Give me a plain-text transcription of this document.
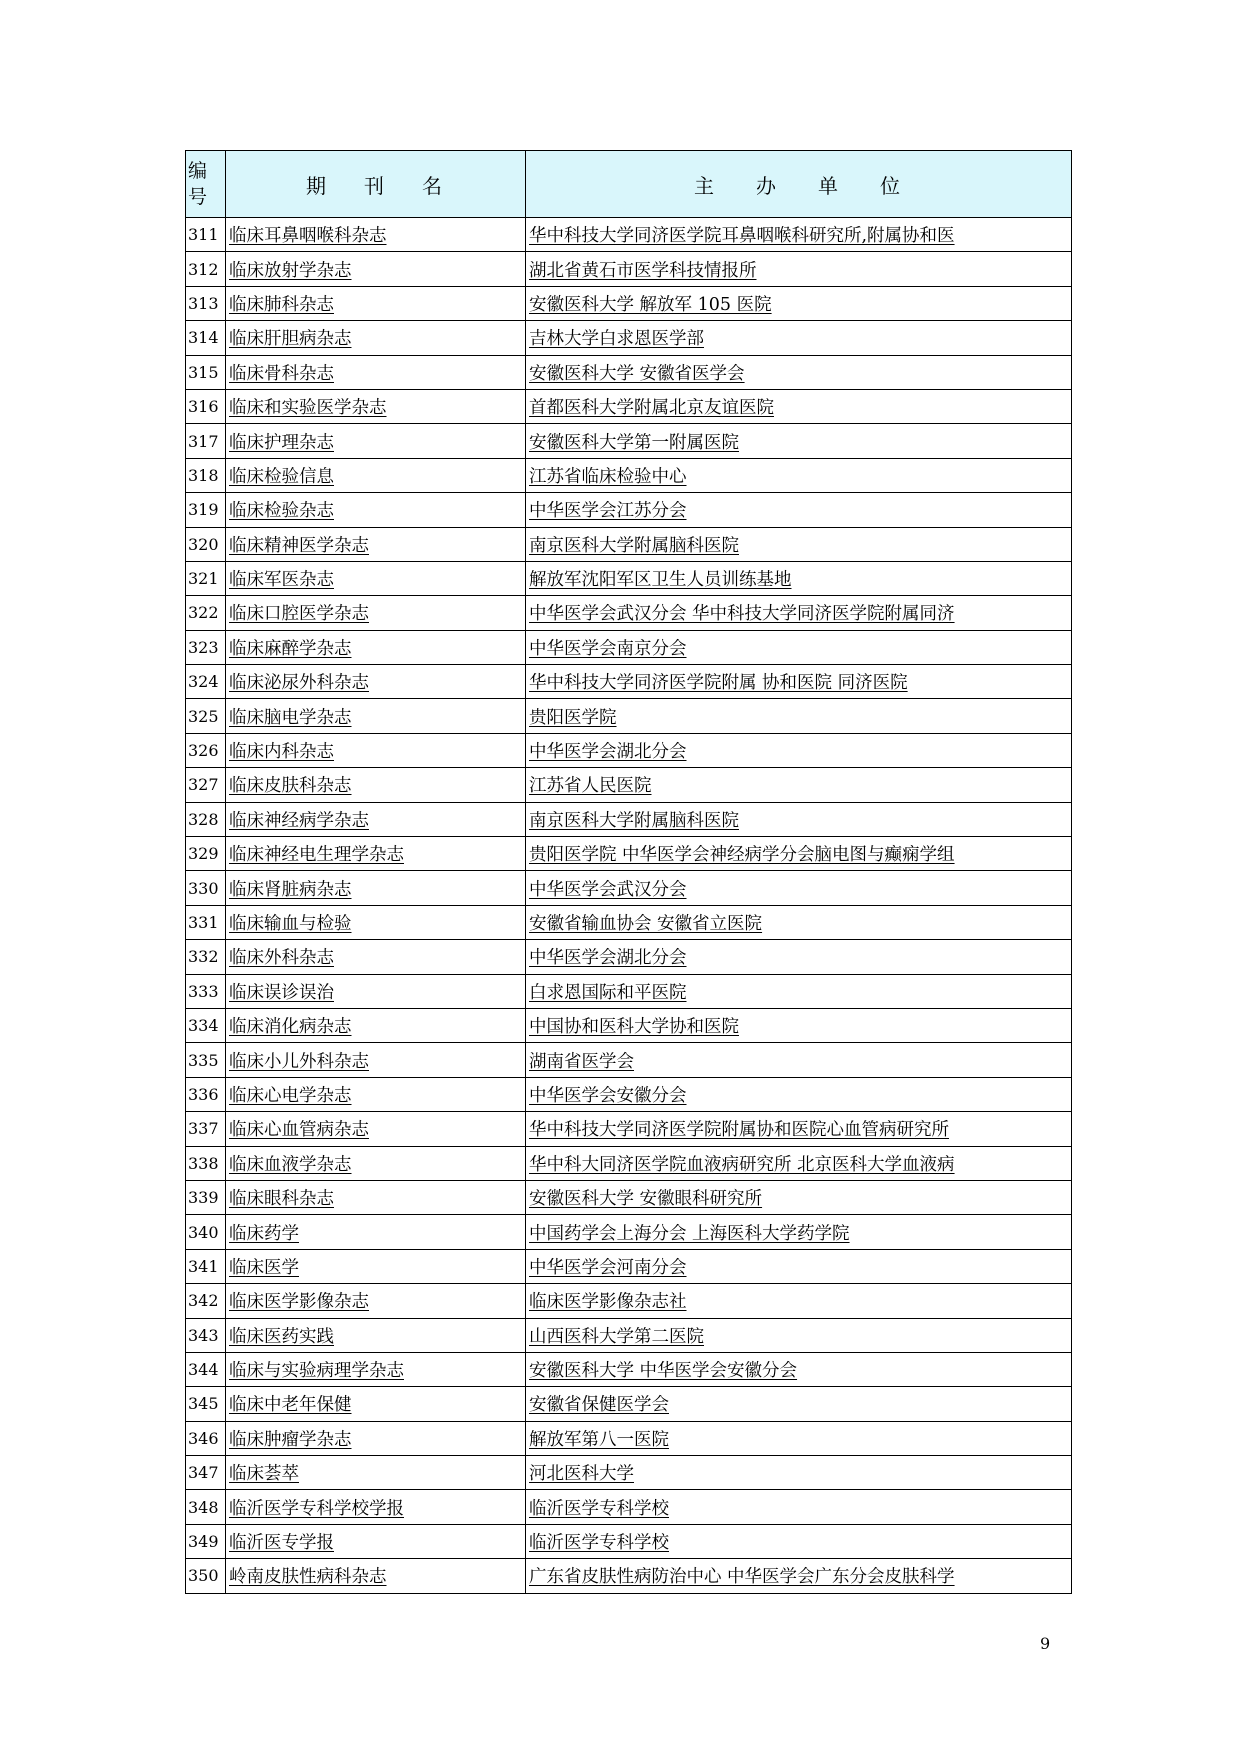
编号	期刊名	主办单位
311	临床耳鼻咽喉科杂志	华中科技大学同济医学院耳鼻咽喉科研究所,附属协和医
312	临床放射学杂志	湖北省黄石市医学科技情报所
313	临床肺科杂志	安徽医科大学 解放军 105 医院
314	临床肝胆病杂志	吉林大学白求恩医学部
315	临床骨科杂志	安徽医科大学 安徽省医学会
316	临床和实验医学杂志	首都医科大学附属北京友谊医院
317	临床护理杂志	安徽医科大学第一附属医院
318	临床检验信息	江苏省临床检验中心
319	临床检验杂志	中华医学会江苏分会
320	临床精神医学杂志	南京医科大学附属脑科医院
321	临床军医杂志	解放军沈阳军区卫生人员训练基地
322	临床口腔医学杂志	中华医学会武汉分会 华中科技大学同济医学院附属同济
323	临床麻醉学杂志	中华医学会南京分会
324	临床泌尿外科杂志	华中科技大学同济医学院附属 协和医院 同济医院
325	临床脑电学杂志	贵阳医学院
326	临床内科杂志	中华医学会湖北分会
327	临床皮肤科杂志	江苏省人民医院
328	临床神经病学杂志	南京医科大学附属脑科医院
329	临床神经电生理学杂志	贵阳医学院 中华医学会神经病学分会脑电图与癫痫学组
330	临床肾脏病杂志	中华医学会武汉分会
331	临床输血与检验	安徽省输血协会 安徽省立医院
332	临床外科杂志	中华医学会湖北分会
333	临床误诊误治	白求恩国际和平医院
334	临床消化病杂志	中国协和医科大学协和医院
335	临床小儿外科杂志	湖南省医学会
336	临床心电学杂志	中华医学会安徽分会
337	临床心血管病杂志	华中科技大学同济医学院附属协和医院心血管病研究所
338	临床血液学杂志	华中科大同济医学院血液病研究所 北京医科大学血液病
339	临床眼科杂志	安徽医科大学 安徽眼科研究所
340	临床药学	中国药学会上海分会 上海医科大学药学院
341	临床医学	中华医学会河南分会
342	临床医学影像杂志	临床医学影像杂志社
343	临床医药实践	山西医科大学第二医院
344	临床与实验病理学杂志	安徽医科大学 中华医学会安徽分会
345	临床中老年保健	安徽省保健医学会
346	临床肿瘤学杂志	解放军第八一医院
347	临床荟萃	河北医科大学
348	临沂医学专科学校学报	临沂医学专科学校
349	临沂医专学报	临沂医学专科学校
350	岭南皮肤性病科杂志	广东省皮肤性病防治中心 中华医学会广东分会皮肤科学
9
